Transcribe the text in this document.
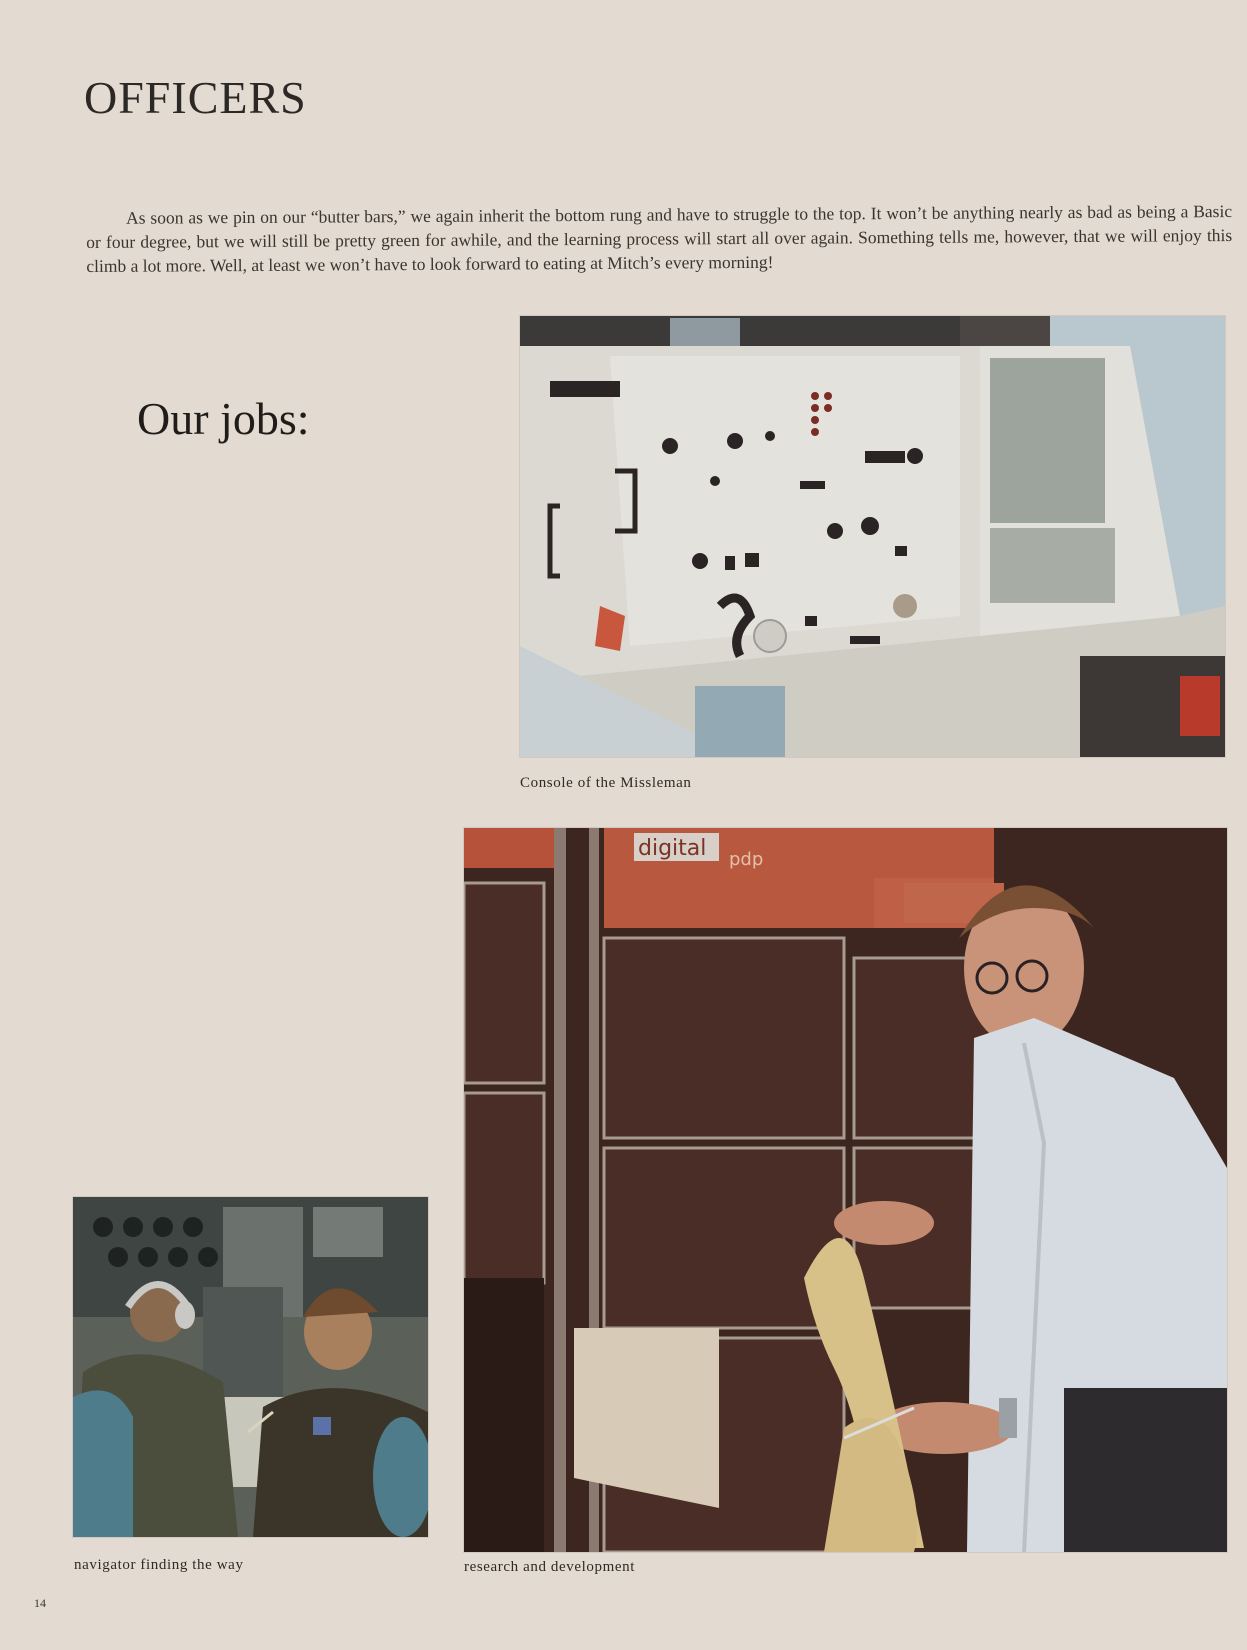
OFFICERS

As soon as we pin on our “butter bars,” we again inherit the bottom rung and have to struggle to the top. It won’t be anything nearly as bad as being a Basic or four degree, but we will still be pretty green for awhile, and the learning process will start all over again. Something tells me, however, that we will enjoy this climb a lot more. Well, at least we won’t have to look forward to eating at Mitch’s every morning!

Our jobs:
Console of the Missleman
navigator finding the way
digital pdp
research and development
14
